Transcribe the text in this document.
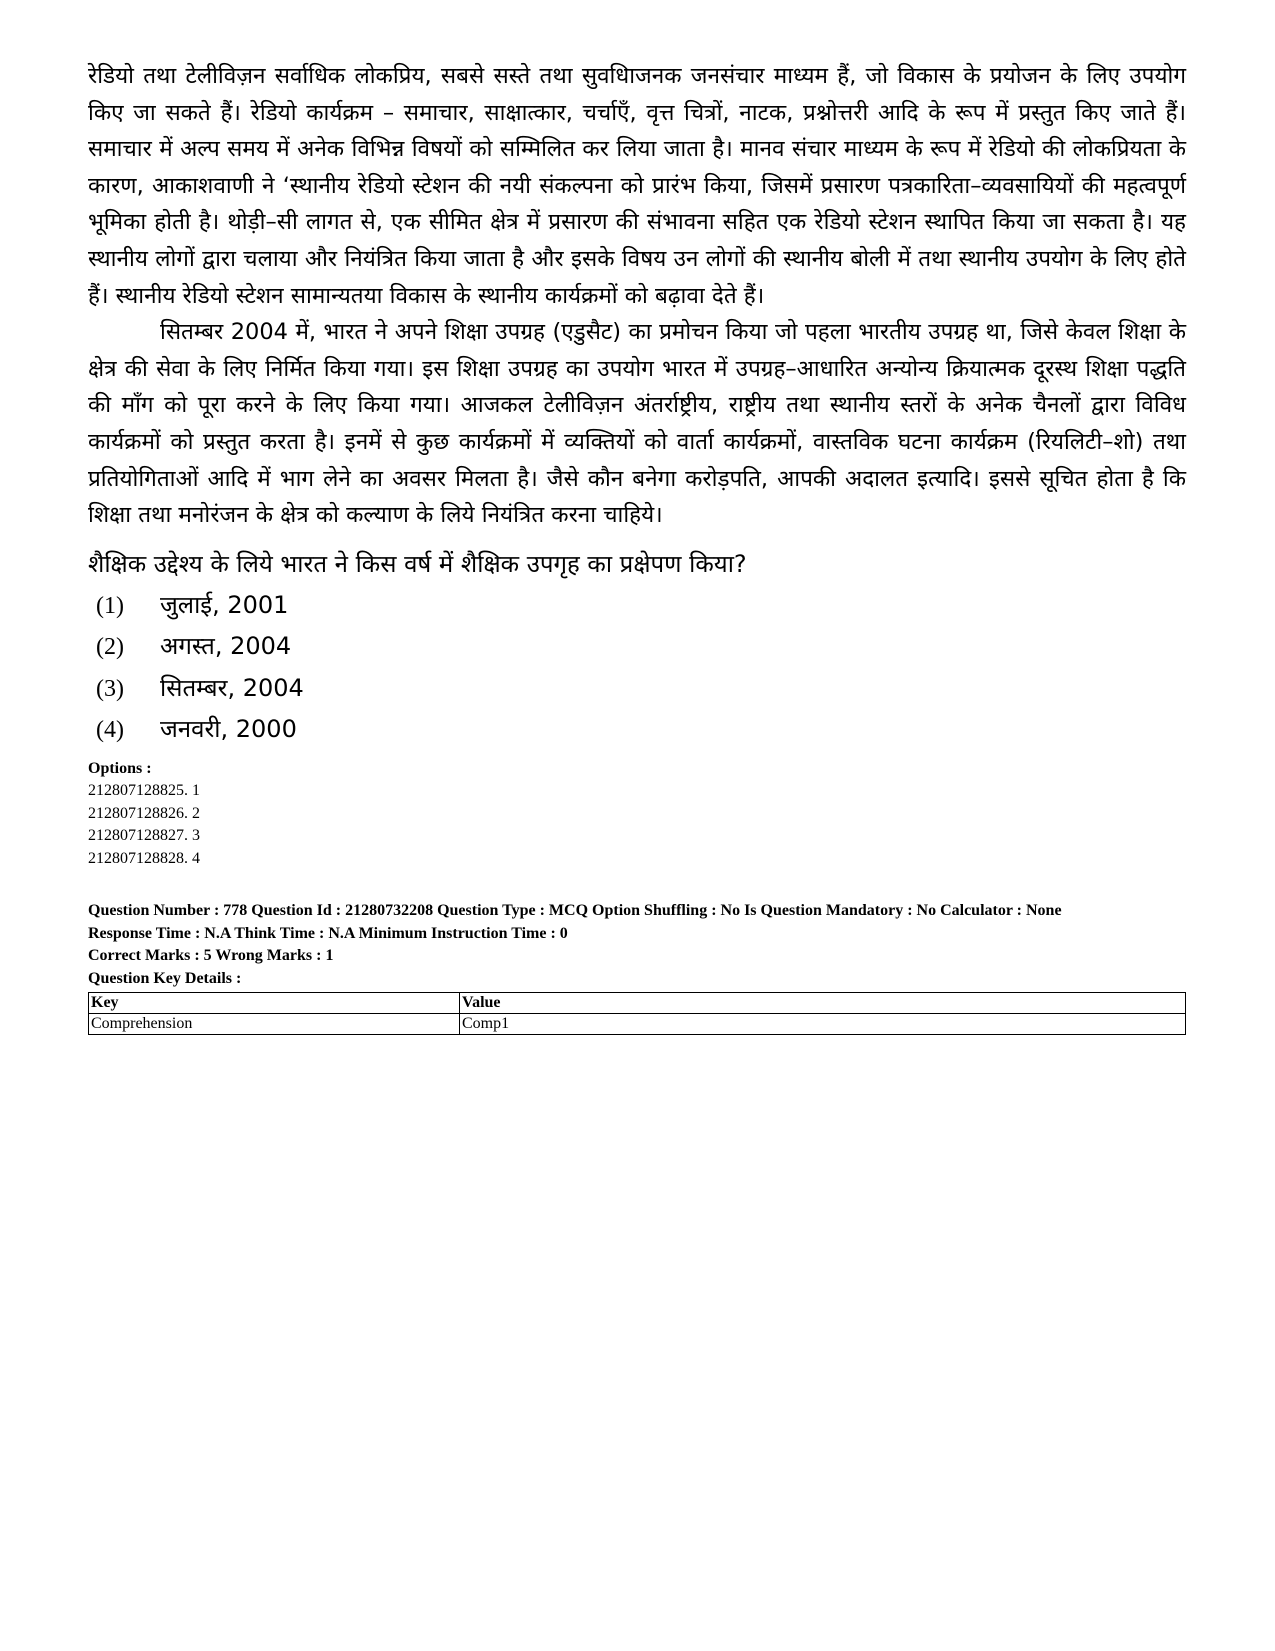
रेडियो तथा टेलीविज़न सर्वाधिक लोकप्रिय, सबसे सस्ते तथा सुवधिाजनक जनसंचार माध्यम हैं, जो विकास के प्रयोजन के लिए उपयोग किए जा सकते हैं। रेडियो कार्यक्रम – समाचार, साक्षात्कार, चर्चाएँ, वृत्त चित्रों, नाटक, प्रश्नोत्तरी आदि के रूप में प्रस्तुत किए जाते हैं। समाचार में अल्प समय में अनेक विभिन्न विषयों को सम्मिलित कर लिया जाता है। मानव संचार माध्यम के रूप में रेडियो की लोकप्रियता के कारण, आकाशवाणी ने ‘स्थानीय रेडियो स्टेशन की नयी संकल्पना को प्रारंभ किया, जिसमें प्रसारण पत्रकारिता–व्यवसायियों की महत्वपूर्ण भूमिका होती है। थोड़ी–सी लागत से, एक सीमित क्षेत्र में प्रसारण की संभावना सहित एक रेडियो स्टेशन स्थापित किया जा सकता है। यह स्थानीय लोगों द्वारा चलाया और नियंत्रित किया जाता है और इसके विषय उन लोगों की स्थानीय बोली में तथा स्थानीय उपयोग के लिए होते हैं। स्थानीय रेडियो स्टेशन सामान्यतया विकास के स्थानीय कार्यक्रमों को बढ़ावा देते हैं।

सितम्बर 2004 में, भारत ने अपने शिक्षा उपग्रह (एडुसैट) का प्रमोचन किया जो पहला भारतीय उपग्रह था, जिसे केवल शिक्षा के क्षेत्र की सेवा के लिए निर्मित किया गया। इस शिक्षा उपग्रह का उपयोग भारत में उपग्रह–आधारित अन्योन्य क्रियात्मक दूरस्थ शिक्षा पद्धति की माँग को पूरा करने के लिए किया गया। आजकल टेलीविज़न अंतर्राष्ट्रीय, राष्ट्रीय तथा स्थानीय स्तरों के अनेक चैनलों द्वारा विविध कार्यक्रमों को प्रस्तुत करता है। इनमें से कुछ कार्यक्रमों में व्यक्तियों को वार्ता कार्यक्रमों, वास्तविक घटना कार्यक्रम (रियलिटी–शो) तथा प्रतियोगिताओं आदि में भाग लेने का अवसर मिलता है। जैसे कौन बनेगा करोड़पति, आपकी अदालत इत्यादि। इससे सूचित होता है कि शिक्षा तथा मनोरंजन के क्षेत्र को कल्याण के लिये नियंत्रित करना चाहिये।

शैक्षिक उद्देश्य के लिये भारत ने किस वर्ष में शैक्षिक उपगृह का प्रक्षेपण किया?
(1)	जुलाई, 2001
(2)	अगस्त, 2004
(3)	सितम्बर, 2004
(4)	जनवरी, 2000
Options :
212807128825. 1
212807128826. 2
212807128827. 3
212807128828. 4
Question Number : 778 Question Id : 21280732208 Question Type : MCQ Option Shuffling : No Is Question Mandatory : No Calculator : None
Response Time : N.A Think Time : N.A Minimum Instruction Time : 0
Correct Marks : 5 Wrong Marks : 1
Question Key Details :
Key	Value
Comprehension	Comp1
